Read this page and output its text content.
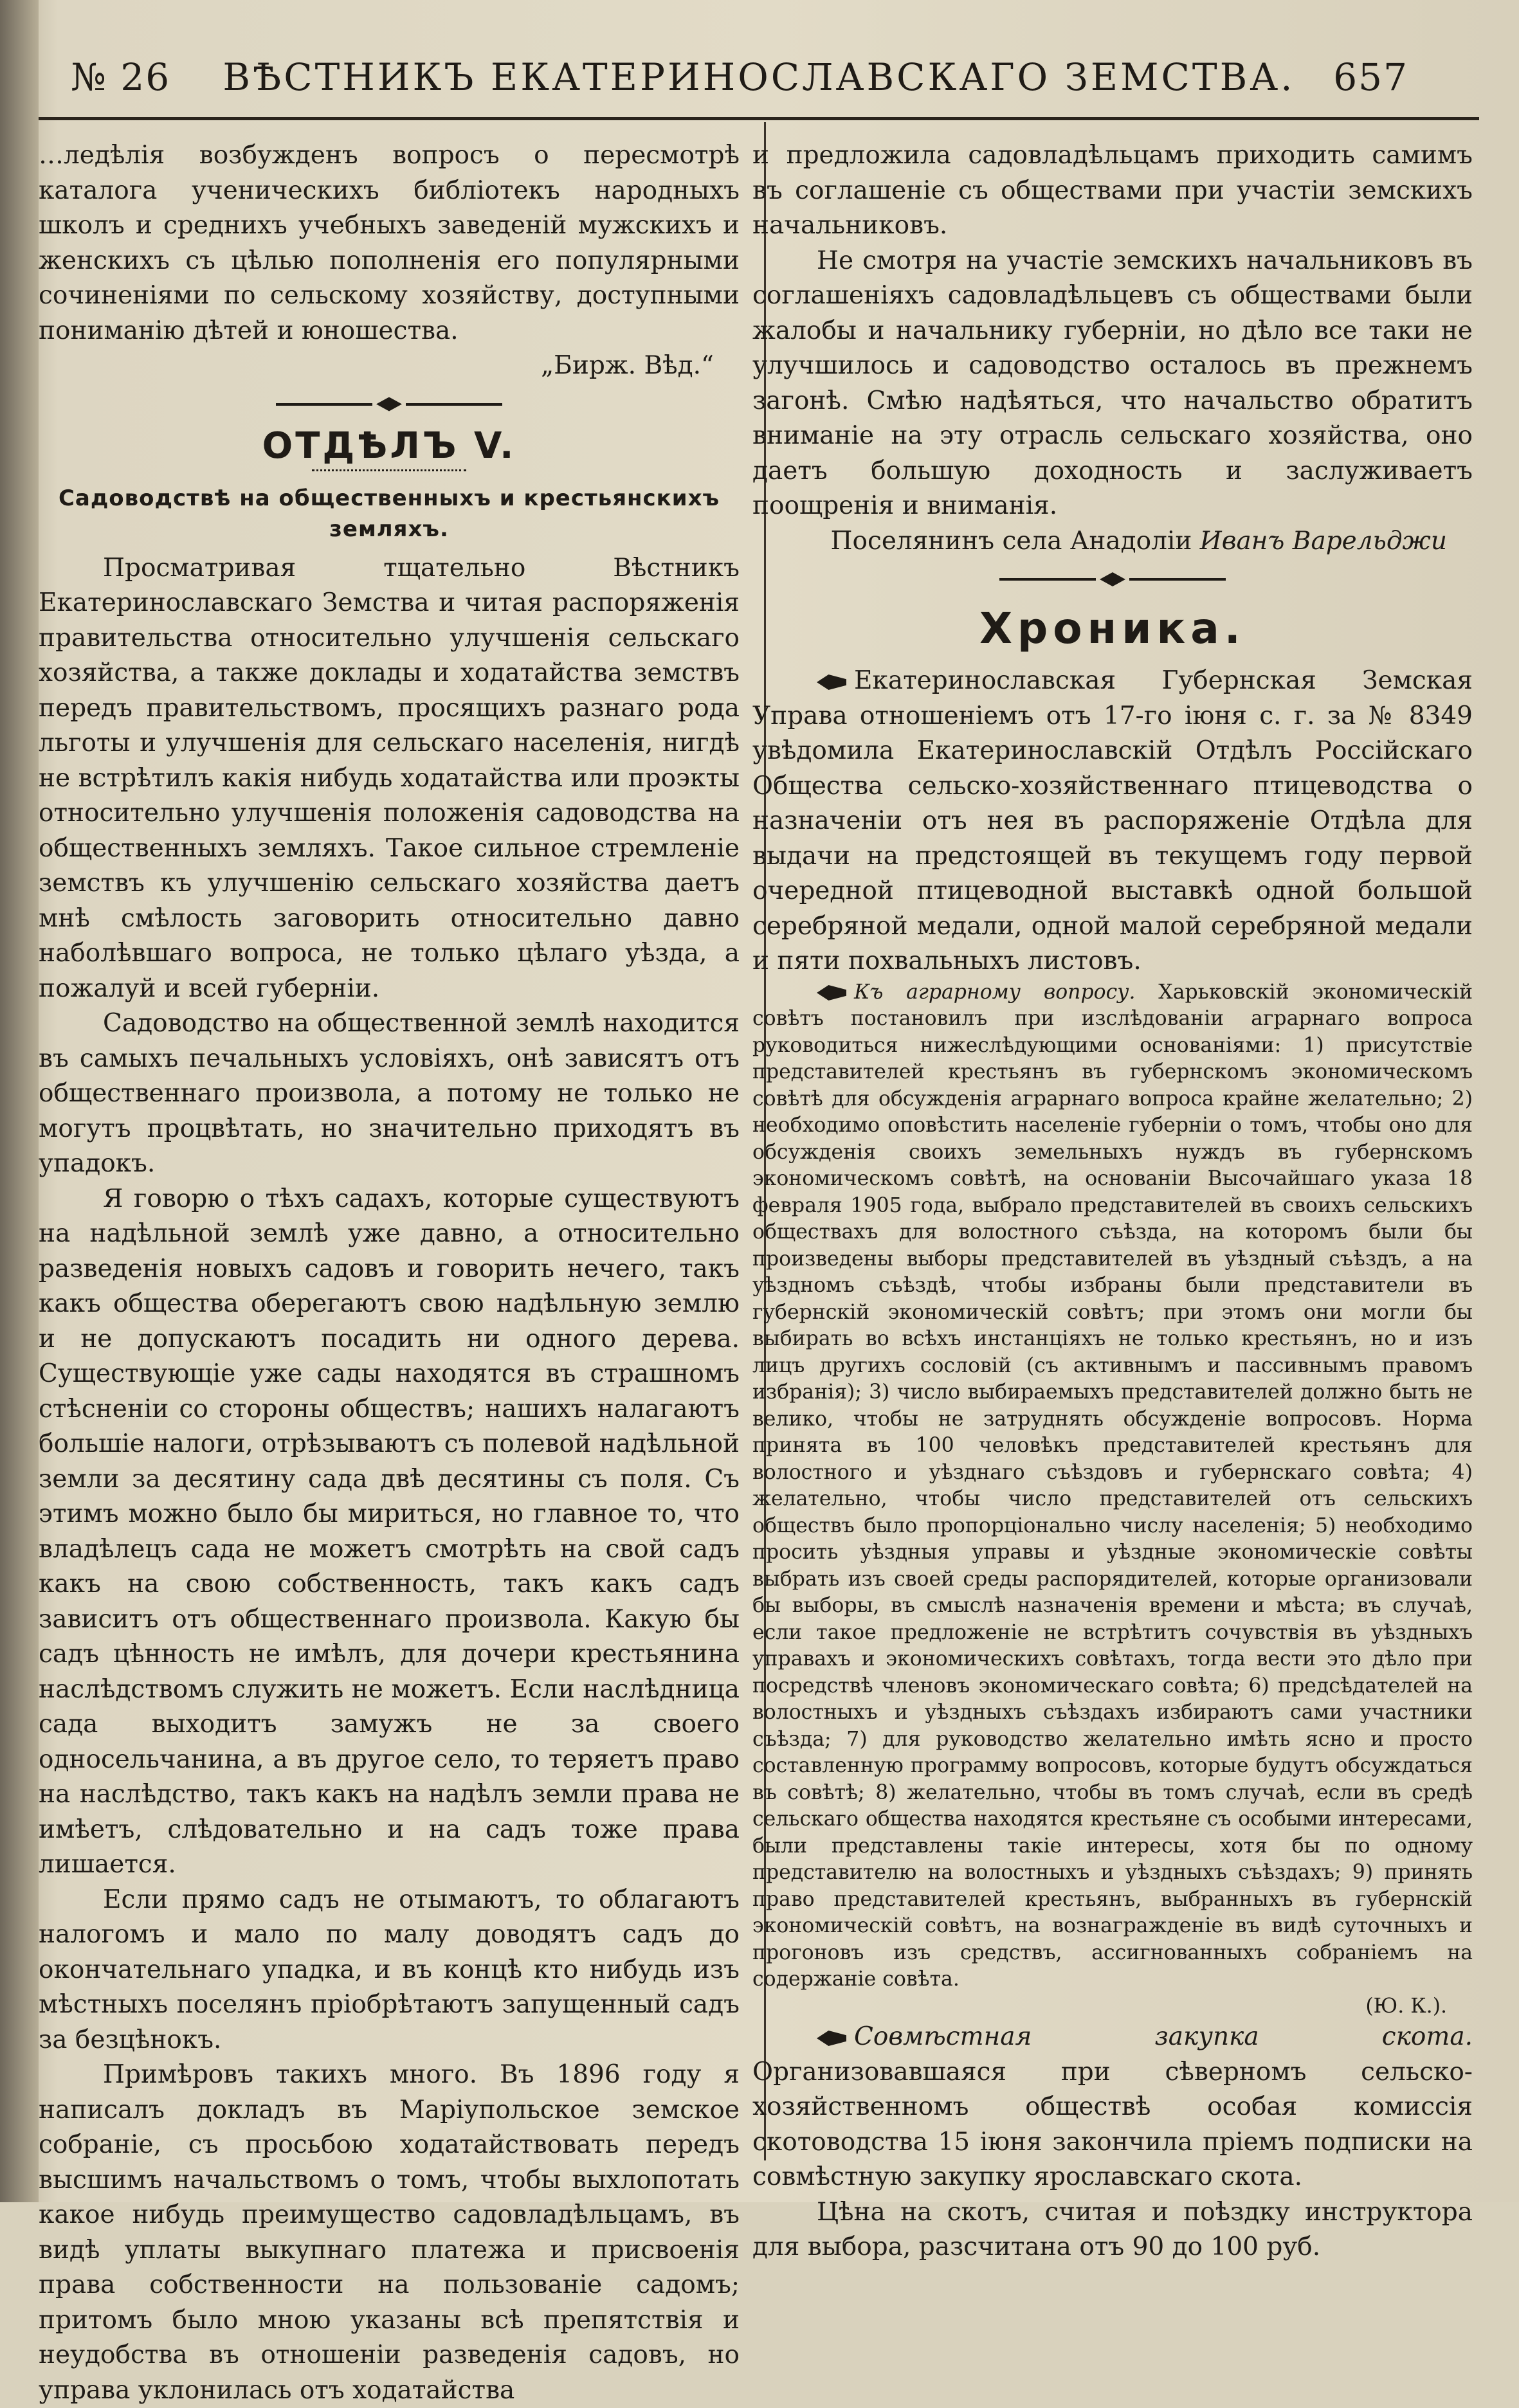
№ 26	ВѢСТНИКЪ ЕКАТЕРИНОСЛАВСКАГО ЗЕМСТВА.	657

…ледѣлія возбужденъ вопросъ о пересмотрѣ каталога ученическихъ библіотекъ народныхъ школъ и среднихъ учебныхъ заведеній мужскихъ и женскихъ съ цѣлью пополненія его популярными сочиненіями по сельскому хозяйству, доступными пониманію дѣтей и юношества.

„Бирж. Вѣд.“

ОТДѢЛЪ V.
Садоводствѣ на общественныхъ и крестьянскихъ земляхъ.

Просматривая тщательно Вѣстникъ Екатеринославскаго Земства и читая распоряженія правительства относительно улучшенія сельскаго хозяйства, а также доклады и ходатайства земствъ передъ правительствомъ, просящихъ разнаго рода льготы и улучшенія для сельскаго населенія, нигдѣ не встрѣтилъ какія нибудь ходатайства или проэкты относительно улучшенія положенія садоводства на общественныхъ земляхъ. Такое сильное стремленіе земствъ къ улучшенію сельскаго хозяйства даетъ мнѣ смѣлость заговорить относительно давно наболѣвшаго вопроса, не только цѣлаго уѣзда, а пожалуй и всей губерніи.

Садоводство на общественной землѣ находится въ самыхъ печальныхъ условіяхъ, онѣ зависятъ отъ общественнаго произвола, а потому не только не могутъ процвѣтать, но значительно приходятъ въ упадокъ.

Я говорю о тѣхъ садахъ, которые существуютъ на надѣльной землѣ уже давно, а относительно разведенія новыхъ садовъ и говорить нечего, такъ какъ общества оберегаютъ свою надѣльную землю и не допускаютъ посадить ни одного дерева. Существующіе уже сады находятся въ страшномъ стѣсненіи со стороны обществъ; нашихъ налагаютъ большіе налоги, отрѣзываютъ съ полевой надѣльной земли за десятину сада двѣ десятины съ поля. Съ этимъ можно было бы мириться, но главное то, что владѣлецъ сада не можетъ смотрѣть на свой садъ какъ на свою собственность, такъ какъ садъ зависитъ отъ общественнаго произвола. Какую бы садъ цѣнность не имѣлъ, для дочери крестьянина наслѣдствомъ служить не можетъ. Если наслѣдница сада выходитъ замужъ не за своего односельчанина, а въ другое село, то теряетъ право на наслѣдство, такъ какъ на надѣлъ земли права не имѣетъ, слѣдовательно и на садъ тоже права лишается.

Если прямо садъ не отымаютъ, то облагаютъ налогомъ и мало по малу доводятъ садъ до окончательнаго упадка, и въ концѣ кто нибудь изъ мѣстныхъ поселянъ пріобрѣтаютъ запущенный садъ за безцѣнокъ.

Примѣровъ такихъ много. Въ 1896 году я написалъ докладъ въ Маріупольское земское собраніе, съ просьбою ходатайствовать передъ высшимъ начальствомъ о томъ, чтобы выхлопотать какое нибудь преимущество садовладѣльцамъ, въ видѣ уплаты выкупнаго платежа и присвоенія права собственности на пользованіе садомъ; притомъ было мною указаны всѣ препятствія и неудобства въ отношеніи разведенія садовъ, но управа уклонилась отъ ходатайства

и предложила садовладѣльцамъ приходить самимъ въ соглашеніе съ обществами при участіи земскихъ начальниковъ.

Не смотря на участіе земскихъ начальниковъ въ соглашеніяхъ садовладѣльцевъ съ обществами были жалобы и начальнику губерніи, но дѣло все таки не улучшилось и садоводство осталось въ прежнемъ загонѣ. Смѣю надѣяться, что начальство обратитъ вниманіе на эту отрасль сельскаго хозяйства, оно даетъ большую доходность и заслуживаетъ поощренія и вниманія.

Поселянинъ села Анадоліи Иванъ Варельджи

Хроника.

Екатеринославская Губернская Земская Управа отношеніемъ отъ 17-го іюня с. г. за № 8349 увѣдомила Екатеринославскій Отдѣлъ Россійскаго Общества сельско-хозяйственнаго птицеводства о назначеніи отъ нея въ распоряженіе Отдѣла для выдачи на предстоящей въ текущемъ году первой очередной птицеводной выставкѣ одной большой серебряной медали, одной малой серебряной медали и пяти похвальныхъ листовъ.

Къ аграрному вопросу. Харьковскій экономическій совѣтъ постановилъ при изслѣдованіи аграрнаго вопроса руководиться нижеслѣдующими основаніями: 1) присутствіе представителей крестьянъ въ губернскомъ экономическомъ совѣтѣ для обсужденія аграрнаго вопроса крайне желательно; 2) необходимо оповѣстить населеніе губерніи о томъ, чтобы оно для обсужденія своихъ земельныхъ нуждъ въ губернскомъ экономическомъ совѣтѣ, на основаніи Высочайшаго указа 18 февраля 1905 года, выбрало представителей въ своихъ сельскихъ обществахъ для волостного съѣзда, на которомъ были бы произведены выборы представителей въ уѣздный съѣздъ, а на уѣздномъ съѣздѣ, чтобы избраны были представители въ губернскій экономическій совѣтъ; при этомъ они могли бы выбирать во всѣхъ инстанціяхъ не только крестьянъ, но и изъ лицъ другихъ сословій (съ активнымъ и пассивнымъ правомъ избранія); 3) число выбираемыхъ представителей должно быть не велико, чтобы не затруднять обсужденіе вопросовъ. Норма принята въ 100 человѣкъ представителей крестьянъ для волостного и уѣзднаго съѣздовъ и губернскаго совѣта; 4) желательно, чтобы число представителей отъ сельскихъ обществъ было пропорціонально числу населенія; 5) необходимо просить уѣздныя управы и уѣздные экономическіе совѣты выбрать изъ своей среды распорядителей, которые организовали бы выборы, въ смыслѣ назначенія времени и мѣста; въ случаѣ, если такое предложеніе не встрѣтитъ сочувствія въ уѣздныхъ управахъ и экономическихъ совѣтахъ, тогда вести это дѣло при посредствѣ членовъ экономическаго совѣта; 6) предсѣдателей на волостныхъ и уѣздныхъ съѣздахъ избираютъ сами участники съѣзда; 7) для руководство желательно имѣть ясно и просто составленную программу вопросовъ, которые будутъ обсуждаться въ совѣтѣ; 8) желательно, чтобы въ томъ случаѣ, если въ средѣ сельскаго общества находятся крестьяне съ особыми интересами, были представлены такіе интересы, хотя бы по одному представителю на волостныхъ и уѣздныхъ съѣздахъ; 9) принять право представителей крестьянъ, выбранныхъ въ губернскій экономическій совѣтъ, на вознагражденіе въ видѣ суточныхъ и прогоновъ изъ средствъ, ассигнованныхъ собраніемъ на содержаніе совѣта.

(Ю. К.).

Совмѣстная закупка скота. Организовавшаяся при сѣверномъ сельско-хозяйственномъ обществѣ особая комиссія скотоводства 15 іюня закончила пріемъ подписки на совмѣстную закупку ярославскаго скота.

Цѣна на скотъ, считая и поѣздку инструктора для выбора, разсчитана отъ 90 до 100 руб.
